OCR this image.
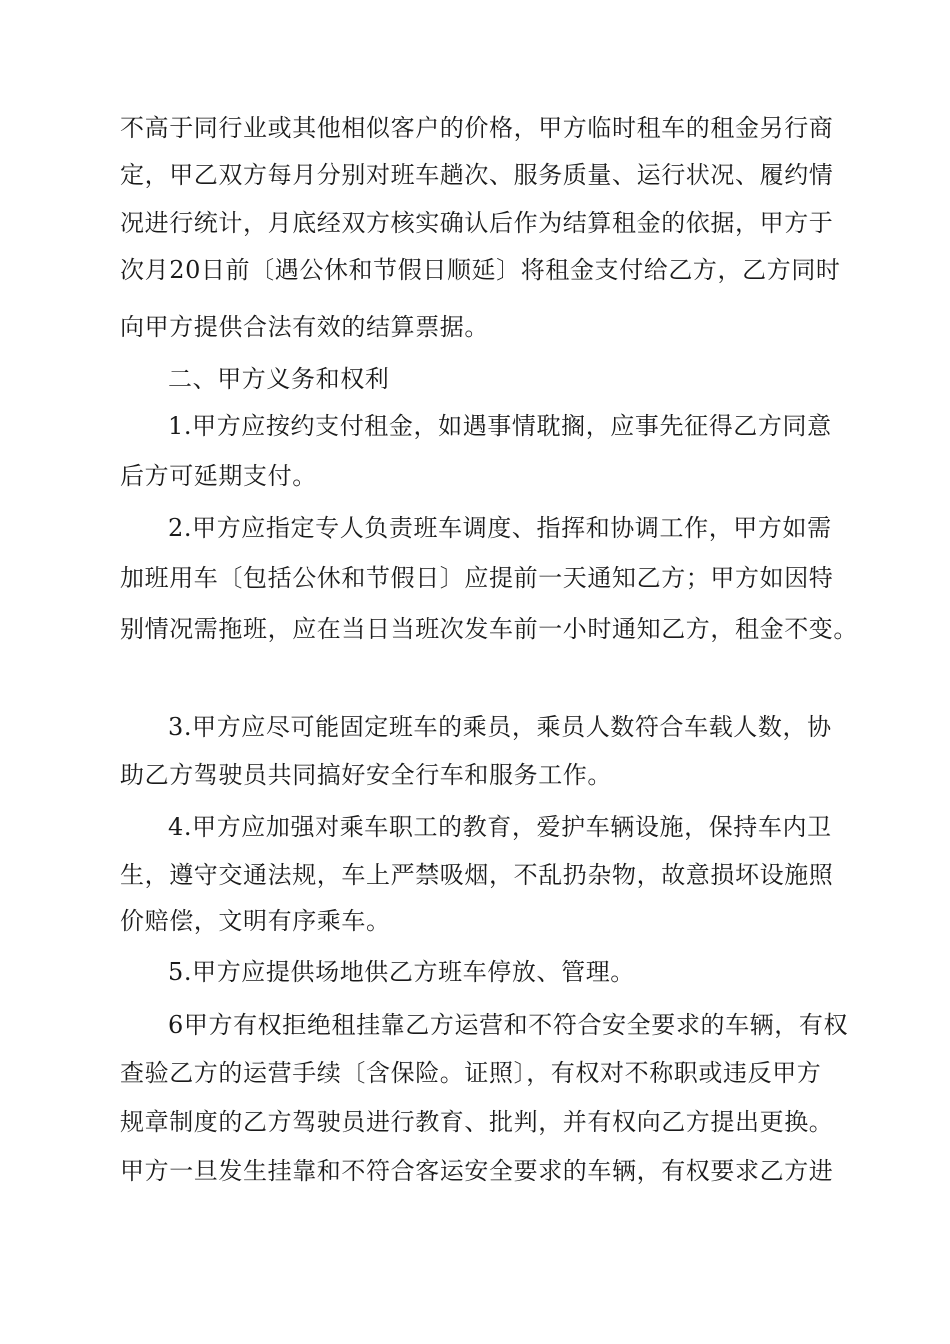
不高于同行业或其他相似客户的价格，甲方临时租车的租金另行商
定，甲乙双方每月分别对班车趟次、服务质量、运行状况、履约情
况进行统计，月底经双方核实确认后作为结算租金的依据，甲方于
次月20日前〔遇公休和节假日顺延〕将租金支付给乙方，乙方同时
向甲方提供合法有效的结算票据。
二、甲方义务和权利
1.甲方应按约支付租金，如遇事情耽搁，应事先征得乙方同意
后方可延期支付。
2.甲方应指定专人负责班车调度、指挥和协调工作，甲方如需
加班用车〔包括公休和节假日〕应提前一天通知乙方；甲方如因特
别情况需拖班，应在当日当班次发车前一小时通知乙方，租金不变。
3.甲方应尽可能固定班车的乘员，乘员人数符合车载人数，协
助乙方驾驶员共同搞好安全行车和服务工作。
4.甲方应加强对乘车职工的教育，爱护车辆设施，保持车内卫
生，遵守交通法规，车上严禁吸烟，不乱扔杂物，故意损坏设施照
价赔偿，文明有序乘车。
5.甲方应提供场地供乙方班车停放、管理。
6甲方有权拒绝租挂靠乙方运营和不符合安全要求的车辆，有权
查验乙方的运营手续〔含保险。证照〕，有权对不称职或违反甲方
规章制度的乙方驾驶员进行教育、批判，并有权向乙方提出更换。
甲方一旦发生挂靠和不符合客运安全要求的车辆，有权要求乙方进
